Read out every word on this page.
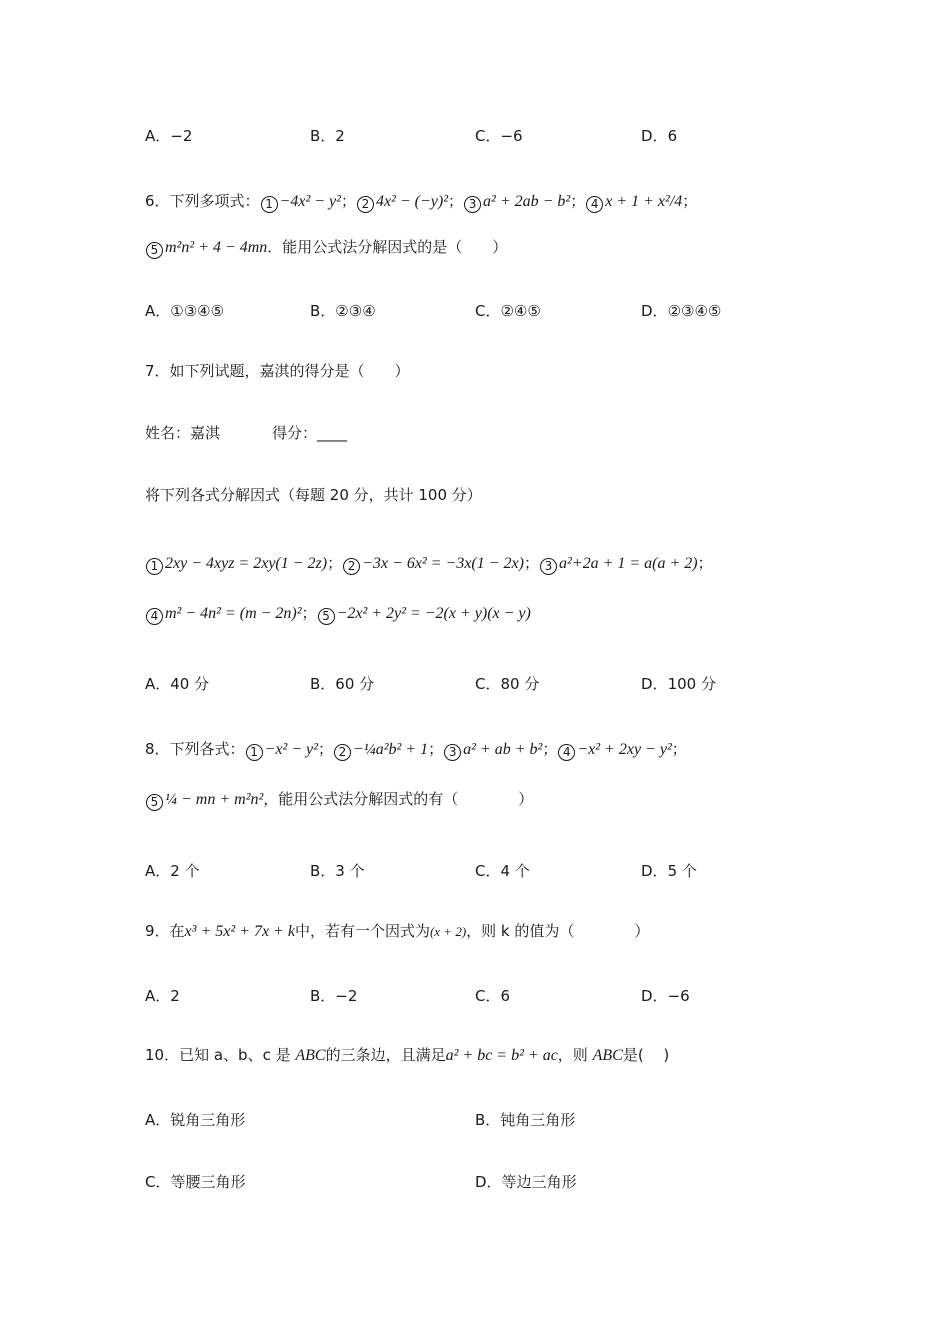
A．−2	B．2	C．−6	D．6
6．下列多项式： 1 −4x² − y²； 2 4x² − (−y)²； 3 a² + 2ab − b²； 4 x + 1 + x²/4；
5 m²n² + 4 − 4mn．能用公式法分解因式的是（　　）
A．①③④⑤	B．②③④	C．②④⑤	D．②③④⑤
7．如下列试题，嘉淇的得分是（　　）
姓名：嘉淇	得分：____
将下列各式分解因式（每题 20 分，共计 100 分）
1 2xy − 4xyz = 2xy(1 − 2z)； 2 −3x − 6x² = −3x(1 − 2x)； 3 a²+2a + 1 = a(a + 2)；
4 m² − 4n² = (m − 2n)²； 5 −2x² + 2y² = −2(x + y)(x − y)
A．40 分	B．60 分	C．80 分	D．100 分
8．下列各式： 1 −x² − y²； 2 −¼a²b² + 1； 3 a² + ab + b²； 4 −x² + 2xy − y²；
5 ¼ − mn + m²n²，能用公式法分解因式的有（　　　　）
A．2 个	B．3 个	C．4 个	D．5 个
9．在x³ + 5x² + 7x + k中，若有一个因式为(x + 2)，则 k 的值为（　　　　）
A．2	B．−2	C．6	D．−6
10．已知 a、b、c 是 ABC的三条边，且满足a² + bc = b² + ac，则 ABC是(　 )
A．锐角三角形	B．钝角三角形
C．等腰三角形	D．等边三角形
